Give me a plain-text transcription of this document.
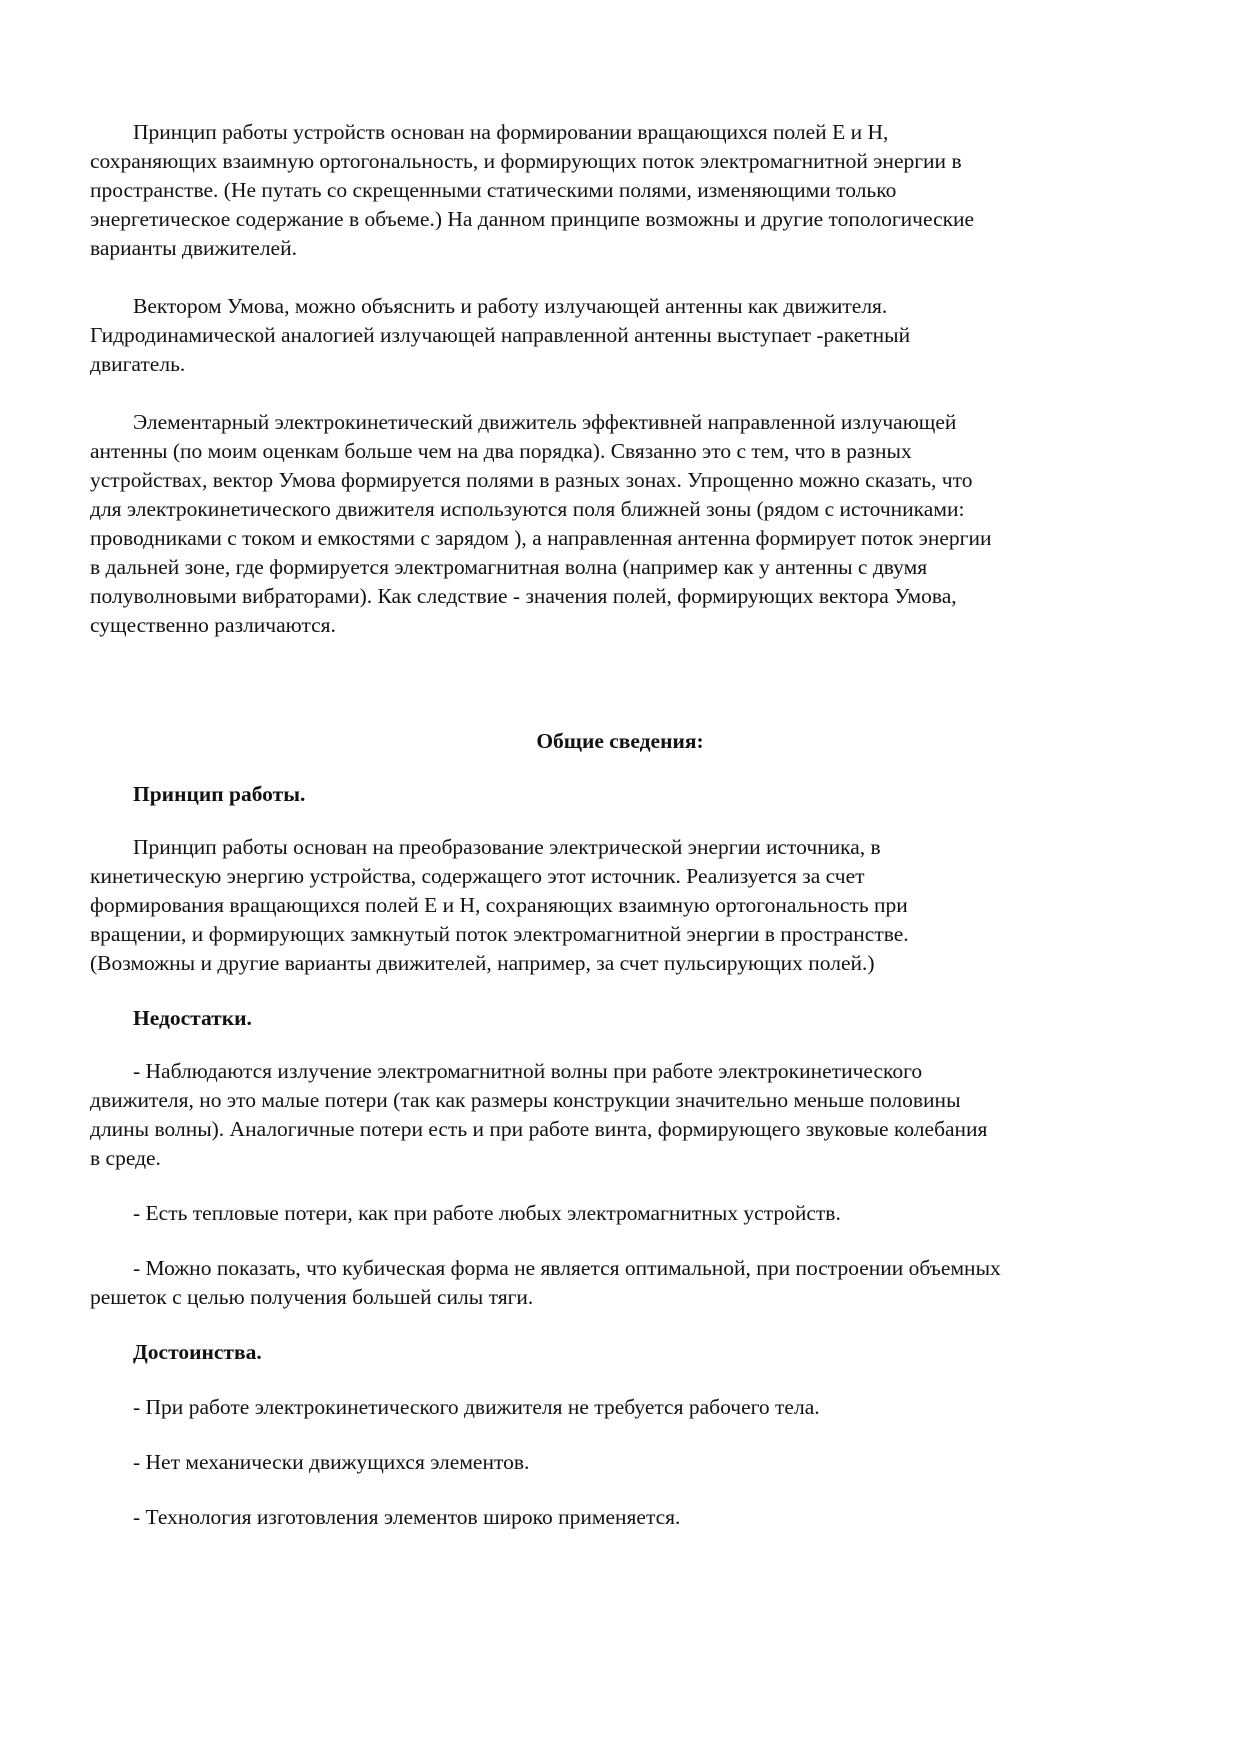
Принцип работы устройств основан на формировании вращающихся полей E и H,
сохраняющих взаимную ортогональность, и формирующих поток электромагнитной энергии в
пространстве. (Не путать со скрещенными статическими полями, изменяющими только
энергетическое содержание в объеме.) На данном принципе возможны и другие топологические
варианты движителей.

Вектором Умова, можно объяснить и работу излучающей антенны как движителя.
Гидродинамической аналогией излучающей направленной антенны выступает -ракетный
двигатель.

Элементарный электрокинетический движитель эффективней направленной излучающей
антенны (по моим оценкам больше чем на два порядка). Связанно это с тем, что в разных
устройствах, вектор Умова формируется полями в разных зонах. Упрощенно можно сказать, что
для электрокинетического движителя используются поля ближней зоны (рядом с источниками:
проводниками с током и емкостями с зарядом ), а направленная антенна формирует поток энергии
в дальней зоне, где формируется электромагнитная волна (например как у антенны с двумя
полуволновыми вибраторами). Как следствие - значения полей, формирующих вектора Умова,
существенно различаются.

Общие сведения:
Принцип работы.

Принцип работы основан на преобразование электрической энергии источника, в
кинетическую энергию устройства, содержащего этот источник. Реализуется за счет
формирования вращающихся полей E и H, сохраняющих взаимную ортогональность при
вращении, и формирующих замкнутый поток электромагнитной энергии в пространстве.
(Возможны и другие варианты движителей, например, за счет пульсирующих полей.)

Недостатки.

- Наблюдаются излучение электромагнитной волны при работе электрокинетического
движителя, но это малые потери (так как размеры конструкции значительно меньше половины
длины волны). Аналогичные потери есть и при работе винта, формирующего звуковые колебания
в среде.

- Есть тепловые потери, как при работе любых электромагнитных устройств.

- Можно показать, что кубическая форма не является оптимальной, при построении объемных
решеток с целью получения большей силы тяги.

Достоинства.

- При работе электрокинетического движителя не требуется рабочего тела.

- Нет механически движущихся элементов.

- Технология изготовления элементов широко применяется.
